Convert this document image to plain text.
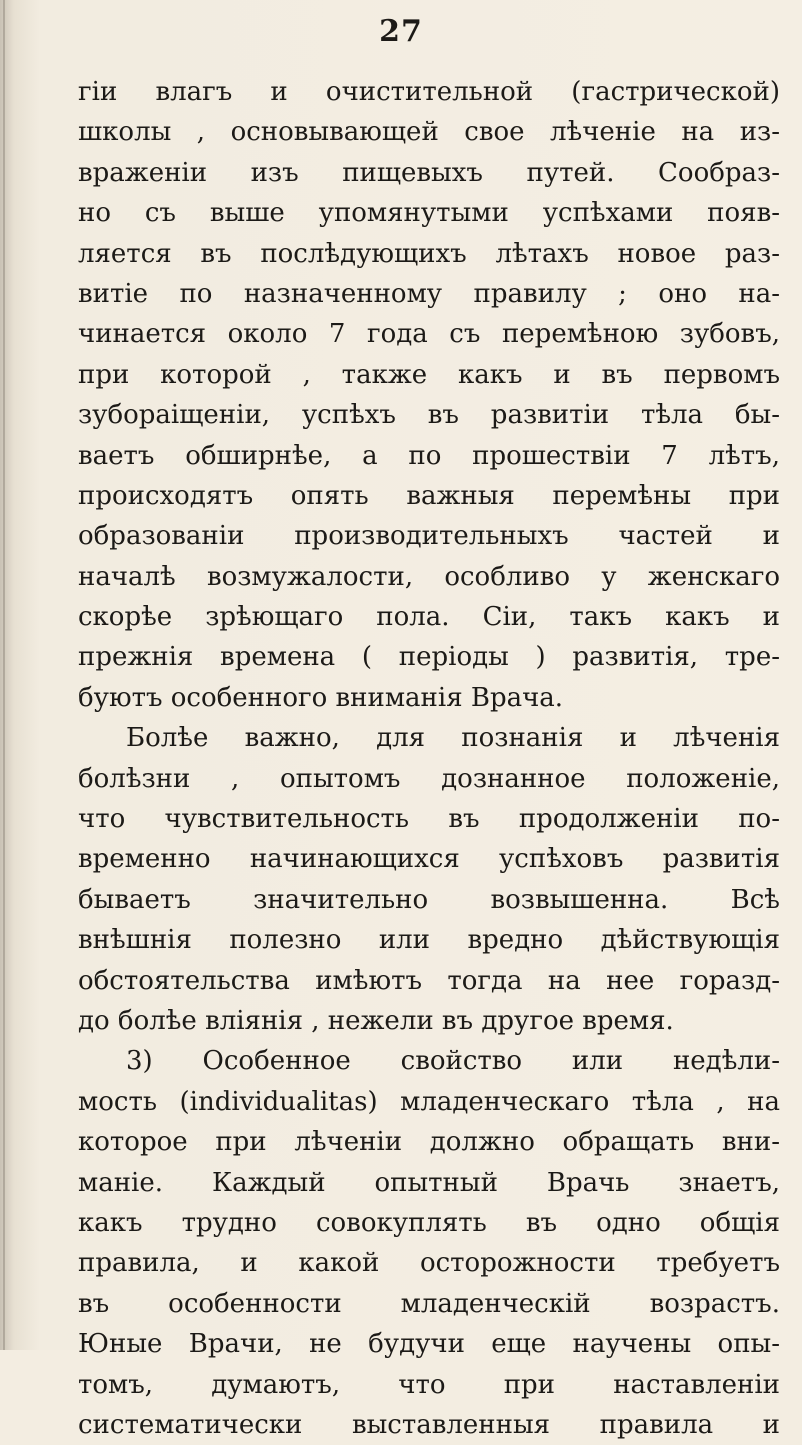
27
гіи влагъ и очистительной (гастрической)
школы , основывающей свое лѣченіе на из-
враженіи изъ пищевыхъ путей. Сообраз-
но съ выше упомянутыми успѣхами появ-
ляется въ послѣдующихъ лѣтахъ новое раз-
витіе по назначенному правилу ; оно на-
чинается около 7 года съ перемѣною зубовъ,
при которой , также какъ и въ первомъ
зубораіщеніи, успѣхъ въ развитіи тѣла бы-
ваетъ обширнѣе, а по прошествіи 7 лѣтъ,
происходятъ опять важныя перемѣны при
образованіи производительныхъ частей и
началѣ возмужалости, особливо у женскаго
скорѣе зрѣющаго пола. Сіи, такъ какъ и
прежнія времена ( періоды ) развитія, тре-
буютъ особенного вниманія Врача.
Болѣе важно, для познанія и лѣченія
болѣзни , опытомъ дознанное положеніе,
что чувствительность въ продолженіи по-
временно начинающихся успѣховъ развитія
бываетъ значительно возвышенна. Всѣ
внѣшнія полезно или вредно дѣйствующія
обстоятельства имѣютъ тогда на нее горазд-
до болѣе вліянія , нежели въ другое время.
3) Особенное свойство или недѣли-
мость (individualitas) младенческаго тѣла , на
которое при лѣченіи должно обращать вни-
маніе. Каждый опытный Врачь знаетъ,
какъ трудно совокуплять въ одно общія
правила, и какой осторожности требуетъ
въ особенности младенческій возрастъ.
Юные Врачи, не будучи еще научены опы-
томъ, думаютъ, что при наставленіи
систематически выставленныя правила и
